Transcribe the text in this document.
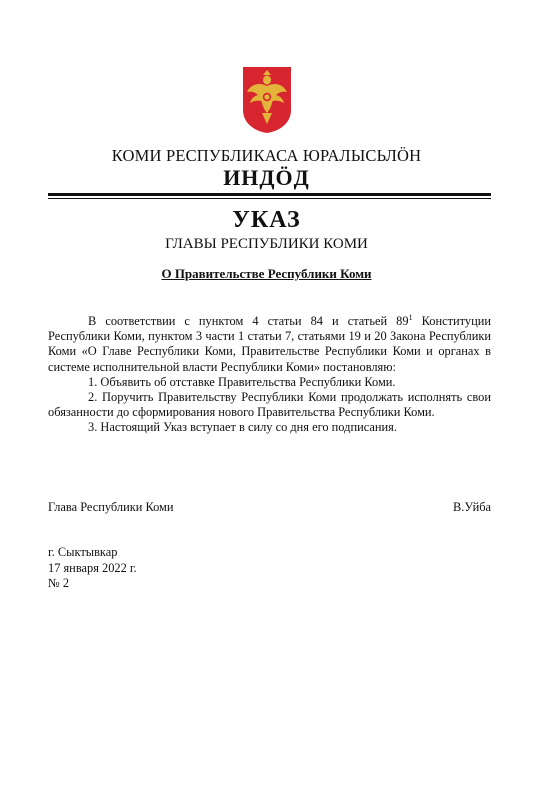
КОМИ РЕСПУБЛИКАСА ЮРАЛЫСЬЛÖН
ИНДÖД
УКАЗ
ГЛАВЫ РЕСПУБЛИКИ КОМИ
О Правительстве Республики Коми

В соответствии с пунктом 4 статьи 84 и статьей $89^1$ Конституции Республики Коми, пунктом 3 части 1 статьи 7, статьями 19 и 20 Закона Республики Коми «О Главе Республики Коми, Правительстве Республики Коми и органах в системе исполнительной власти Республики Коми» постановляю:

1. Объявить об отставке Правительства Республики Коми.

2. Поручить Правительству Республики Коми продолжать исполнять свои обязанности до сформирования нового Правительства Республики Коми.

3. Настоящий Указ вступает в силу со дня его подписания.

Глава Республики Коми	В.Уйба
г. Сыктывкар
17 января 2022 г.
№ 2
